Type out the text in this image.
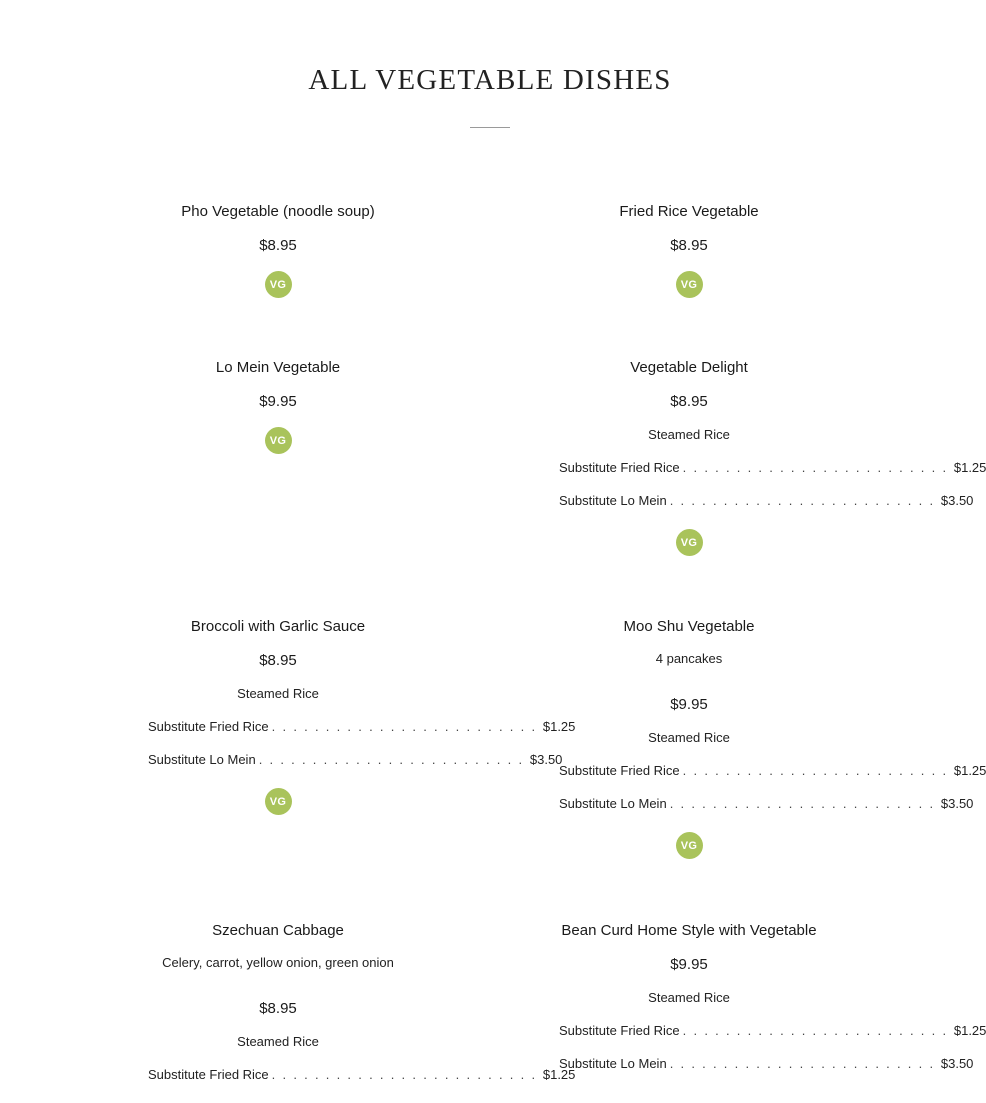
ALL VEGETABLE DISHES
Pho Vegetable (noodle soup)
$8.95
VG
Fried Rice Vegetable
$8.95
VG
Lo Mein Vegetable
$9.95
VG
Vegetable Delight
$8.95
Steamed Rice
Substitute Fried Rice . . . . . . . . . . . . . . . . . . . . . . . . . $1.25
Substitute Lo Mein . . . . . . . . . . . . . . . . . . . . . . . . . $3.50
VG
Broccoli with Garlic Sauce
$8.95
Steamed Rice
Substitute Fried Rice . . . . . . . . . . . . . . . . . . . . . . . . . $1.25
Substitute Lo Mein . . . . . . . . . . . . . . . . . . . . . . . . . $3.50
VG
Moo Shu Vegetable
4 pancakes
$9.95
Steamed Rice
Substitute Fried Rice . . . . . . . . . . . . . . . . . . . . . . . . . $1.25
Substitute Lo Mein . . . . . . . . . . . . . . . . . . . . . . . . . $3.50
VG
Szechuan Cabbage
Celery, carrot, yellow onion, green onion
$8.95
Steamed Rice
Substitute Fried Rice . . . . . . . . . . . . . . . . . . . . . . . . . $1.25
Bean Curd Home Style with Vegetable
$9.95
Steamed Rice
Substitute Fried Rice . . . . . . . . . . . . . . . . . . . . . . . . . $1.25
Substitute Lo Mein . . . . . . . . . . . . . . . . . . . . . . . . . $3.50
